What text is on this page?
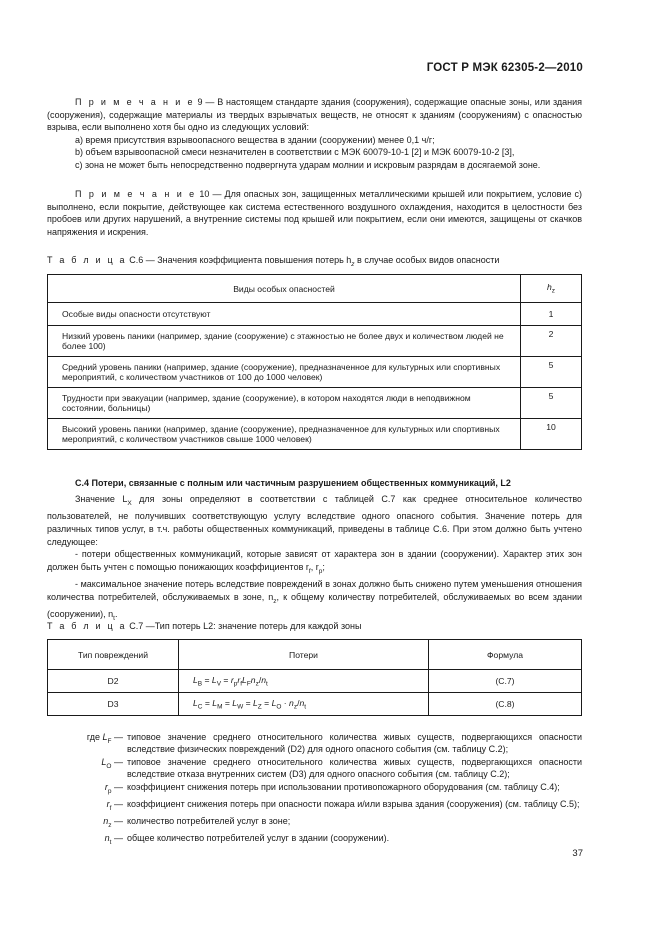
ГОСТ Р МЭК 62305-2—2010

П р и м е ч а н и е 9 — В настоящем стандарте здания (сооружения), содержащие опасные зоны, или здания (сооружения), содержащие материалы из твердых взрывчатых веществ, не относят к зданиям (сооружениям) с опасностью взрыва, если выполнено хотя бы одно из следующих условий:

а) время присутствия взрывоопасного вещества в здании (сооружении) менее 0,1 ч/г;

b) объем взрывоопасной смеси незначителен в соответствии с МЭК 60079-10-1 [2] и МЭК 60079-10-2 [3],

с) зона не может быть непосредственно подвергнута ударам молнии и искровым разрядам в досягаемой зоне.

П р и м е ч а н и е 10 — Для опасных зон, защищенных металлическими крышей или покрытием, условие с) выполнено, если покрытие, действующее как система естественного воздушного охлаждения, находится в целостности без пробоев или других нарушений, а внутренние системы под крышей или покрытием, если они имеются, защищены от скачков напряжения и искрения.

Т а б л и ц а С.6 — Значения коэффициента повышения потерь $h_z$ в случае особых видов опасности
Виды особых опасностей	$h_z$
Особые виды опасности отсутствуют	1
Низкий уровень паники (например, здание (сооружение) с этажностью не более двух и количеством людей не более 100)	2
Средний уровень паники (например, здание (сооружение), предназначенное для культурных или спортивных мероприятий, с количеством участников от 100 до 1000 человек)	5
Трудности при эвакуации (например, здание (сооружение), в котором находятся люди в неподвижном состоянии, больницы)	5
Высокий уровень паники (например, здание (сооружение), предназначенное для культурных или спортивных мероприятий, с количеством участников свыше 1000 человек)	10
С.4 Потери, связанные с полным или частичным разрушением общественных коммуникаций, L2

Значение $L_X$ для зоны определяют в соответствии с таблицей С.7 как среднее относительное количество пользователей, не получивших соответствующую услугу вследствие одного опасного события. Значение потерь для различных типов услуг, в т.ч. работы общественных коммуникаций, приведены в таблице С.6. При этом должно быть учтено следующее:

- потери общественных коммуникаций, которые зависят от характера зон в здании (сооружении). Характер этих зон должен быть учтен с помощью понижающих коэффициентов $r_f$, $r_p$;

- максимальное значение потерь вследствие повреждений в зонах должно быть снижено путем уменьшения отношения количества потребителей, обслуживаемых в зоне, $n_z$, к общему количеству потребителей, обслуживаемых во всем здании (сооружении), $n_t$.

Т а б л и ц а С.7 —Тип потерь L2: значение потерь для каждой зоны
Тип повреждений	Потери	Формула
D2	$L_B = L_V = r_pr_fL_Fn_z/n_t$	(С.7)
D3	$L_C = L_M = L_W = L_Z = L_O \cdot n_z/n_t$	(С.8)
где $L_F$ — типовое значение среднего относительного количества живых существ, подвергающихся опасности вследствие физических повреждений (D2) для одного опасного события (см. таблицу С.2);
$L_O$ — типовое значение среднего относительного количества живых существ, подвергающихся опасности вследствие отказа внутренних систем (D3) для одного опасного события (см. таблицу С.2);
$r_p$ — коэффициент снижения потерь при использовании противопожарного оборудования (см. таблицу С.4);
$r_f$ — коэффициент снижения потерь при опасности пожара и/или взрыва здания (сооружения) (см. таблицу С.5);
$n_z$ — количество потребителей услуг в зоне;
$n_t$ — общее количество потребителей услуг в здании (сооружении).
37
